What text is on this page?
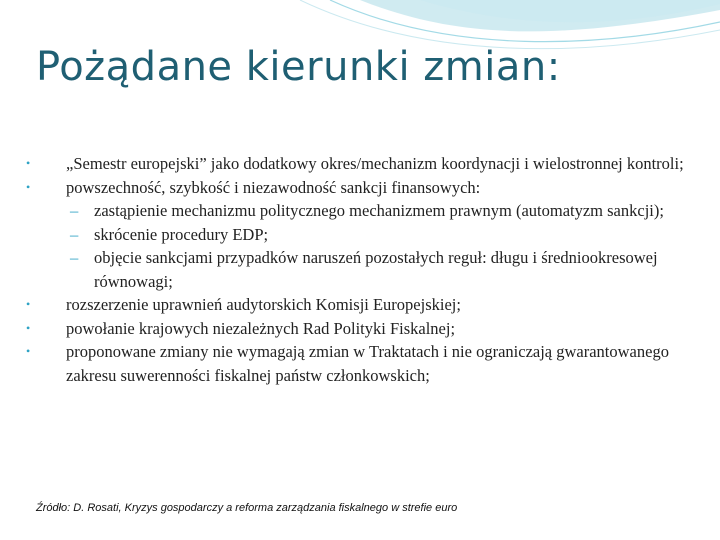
Pożądane kierunki zmian:
•	„Semestr europejski” jako dodatkowy okres/mechanizm koordynacji i wielostronnej kontroli;
•	powszechność, szybkość i niezawodność sankcji finansowych:
– zastąpienie mechanizmu politycznego mechanizmem prawnym (automatyzm sankcji);
– skrócenie procedury EDP;
– objęcie sankcjami przypadków naruszeń pozostałych reguł: długu i średniookresowej równowagi;
•	rozszerzenie uprawnień audytorskich Komisji Europejskiej;
•	powołanie krajowych niezależnych Rad Polityki Fiskalnej;
•	proponowane zmiany nie wymagają zmian w Traktatach i nie ograniczają gwarantowanego zakresu suwerenności fiskalnej państw członkowskich;
Źródło: D. Rosati, Kryzys gospodarczy a reforma zarządzania fiskalnego w strefie euro
